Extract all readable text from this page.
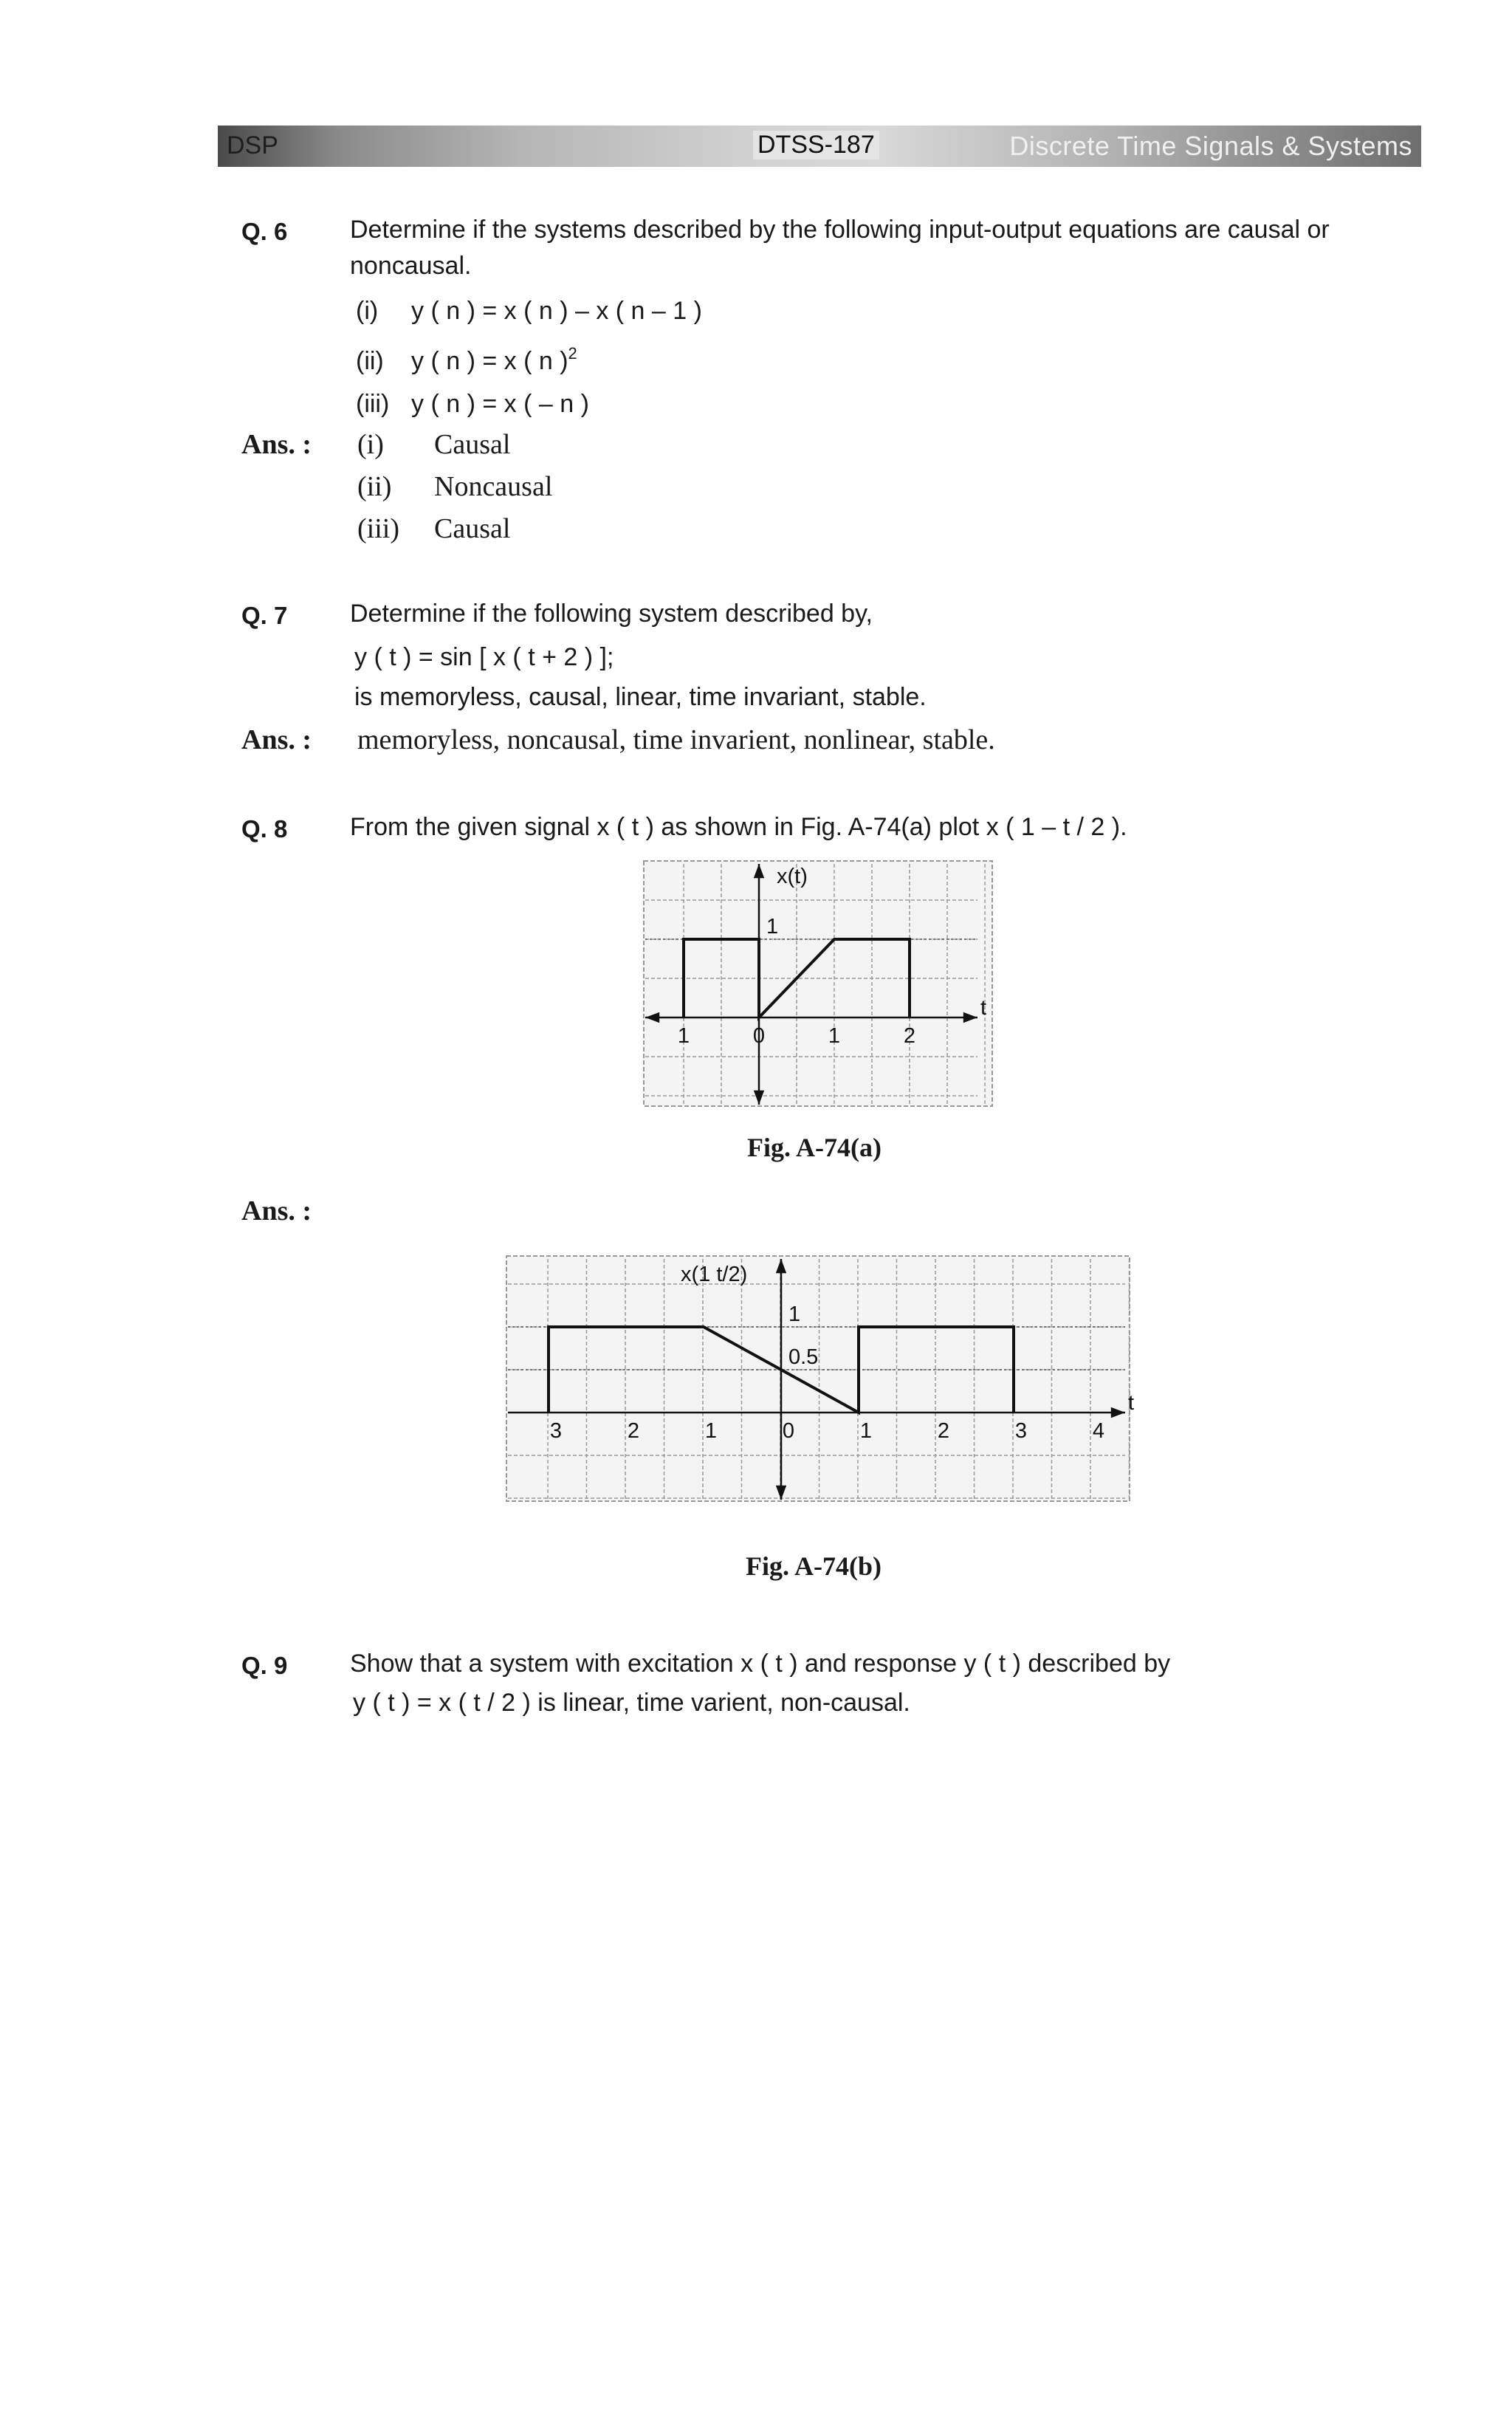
DSP	DTSS-187	Discrete Time Signals & Systems
Q. 6 Determine if the systems described by the following input-output equations are causal or
noncausal.
(i) y ( n ) = x ( n ) – x ( n – 1 )
(ii) y ( n ) = x ( n )$^2$
(iii) y ( n ) = x ( – n )
Ans. : (i) Causal
(ii) Noncausal
(iii) Causal
Q. 7 Determine if the following system described by,
y ( t ) = sin [ x ( t + 2 ) ];
is memoryless, causal, linear, time invariant, stable.
Ans. : memoryless, noncausal, time invarient, nonlinear, stable.
Q. 8 From the given signal x ( t ) as shown in Fig. A-74(a) plot x ( 1 – t / 2 ).
1	0	1	2
1
x(t)
t
Fig. A-74(a)
Ans. :
3	2	1	0	1	2	3	4
1
0.5
x(1 t/2)
t
Fig. A-74(b)
Q. 9 Show that a system with excitation x ( t ) and response y ( t ) described by
y ( t ) = x ( t / 2 ) is linear, time varient, non-causal.
